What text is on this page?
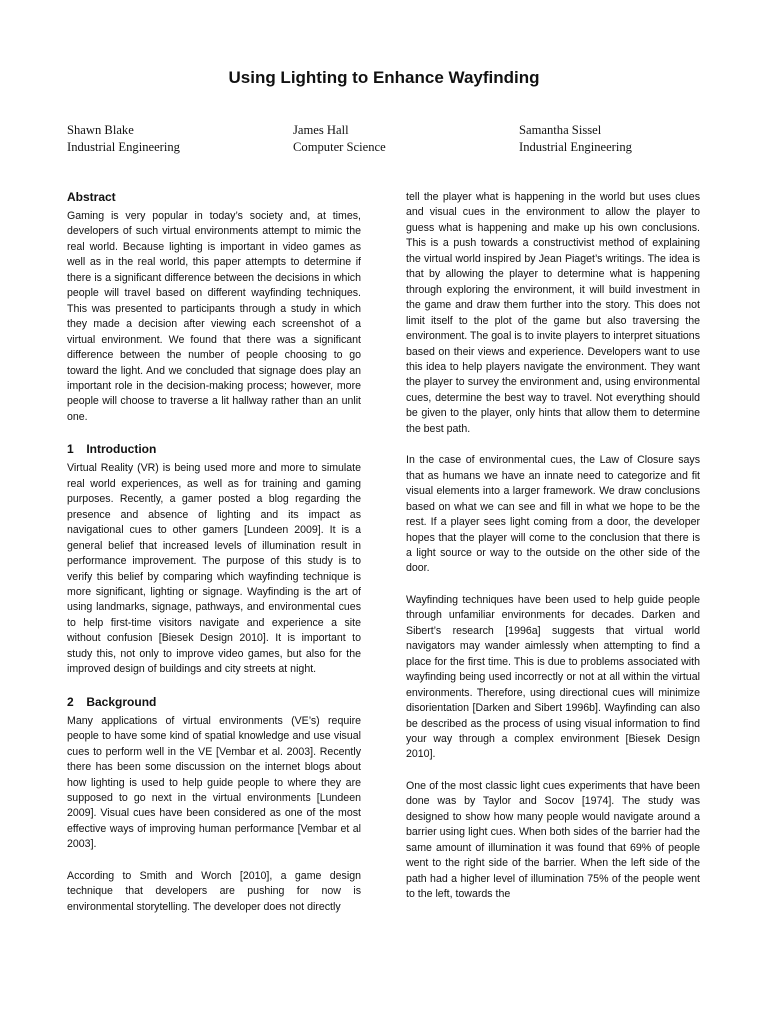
Using Lighting to Enhance Wayfinding
Shawn Blake
Industrial Engineering
James Hall
Computer Science
Samantha Sissel
Industrial Engineering
Abstract

Gaming is very popular in today’s society and, at times, developers of such virtual environments attempt to mimic the real world. Because lighting is important in video games as well as in the real world, this paper attempts to determine if there is a significant difference between the decisions in which people will travel based on different wayfinding techniques. This was presented to participants through a study in which they made a decision after viewing each screenshot of a virtual environment. We found that there was a significant difference between the number of people choosing to go toward the light. And we concluded that signage does play an important role in the decision-making process; however, more people will choose to traverse a lit hallway rather than an unlit one.

1 Introduction

Virtual Reality (VR) is being used more and more to simulate real world experiences, as well as for training and gaming purposes. Recently, a gamer posted a blog regarding the presence and absence of lighting and its impact as navigational cues to other gamers [Lundeen 2009]. It is a general belief that increased levels of illumination result in performance improvement. The purpose of this study is to verify this belief by comparing which wayfinding technique is more significant, lighting or signage. Wayfinding is the art of using landmarks, signage, pathways, and environmental cues to help first-time visitors navigate and experience a site without confusion [Biesek Design 2010]. It is important to study this, not only to improve video games, but also for the improved design of buildings and city streets at night.

2 Background

Many applications of virtual environments (VE’s) require people to have some kind of spatial knowledge and use visual cues to perform well in the VE [Vembar et al. 2003]. Recently there has been some discussion on the internet blogs about how lighting is used to help guide people to where they are supposed to go next in the virtual environments [Lundeen 2009]. Visual cues have been considered as one of the most effective ways of improving human performance [Vembar et al 2003].

According to Smith and Worch [2010], a game design technique that developers are pushing for now is environmental storytelling. The developer does not directly

tell the player what is happening in the world but uses clues and visual cues in the environment to allow the player to guess what is happening and make up his own conclusions. This is a push towards a constructivist method of explaining the virtual world inspired by Jean Piaget’s writings. The idea is that by allowing the player to determine what is happening through exploring the environment, it will build investment in the game and draw them further into the story. This does not limit itself to the plot of the game but also traversing the environment. The goal is to invite players to interpret situations based on their views and experience. Developers want to use this idea to help players navigate the environment. They want the player to survey the environment and, using environmental cues, determine the best way to travel. Not everything should be given to the player, only hints that allow them to determine the best path.

In the case of environmental cues, the Law of Closure says that as humans we have an innate need to categorize and fit visual elements into a larger framework. We draw conclusions based on what we can see and fill in what we hope to be the rest. If a player sees light coming from a door, the developer hopes that the player will come to the conclusion that there is a light source or way to the outside on the other side of the door.

Wayfinding techniques have been used to help guide people through unfamiliar environments for decades. Darken and Sibert’s research [1996a] suggests that virtual world navigators may wander aimlessly when attempting to find a place for the first time. This is due to problems associated with wayfinding being used incorrectly or not at all within the virtual environments. Therefore, using directional cues will minimize disorientation [Darken and Sibert 1996b]. Wayfinding can also be described as the process of using visual information to find your way through a complex environment [Biesek Design 2010].

One of the most classic light cues experiments that have been done was by Taylor and Socov [1974]. The study was designed to show how many people would navigate around a barrier using light cues. When both sides of the barrier had the same amount of illumination it was found that 69% of people went to the right side of the barrier. When the left side of the path had a higher level of illumination 75% of the people went to the left, towards the
